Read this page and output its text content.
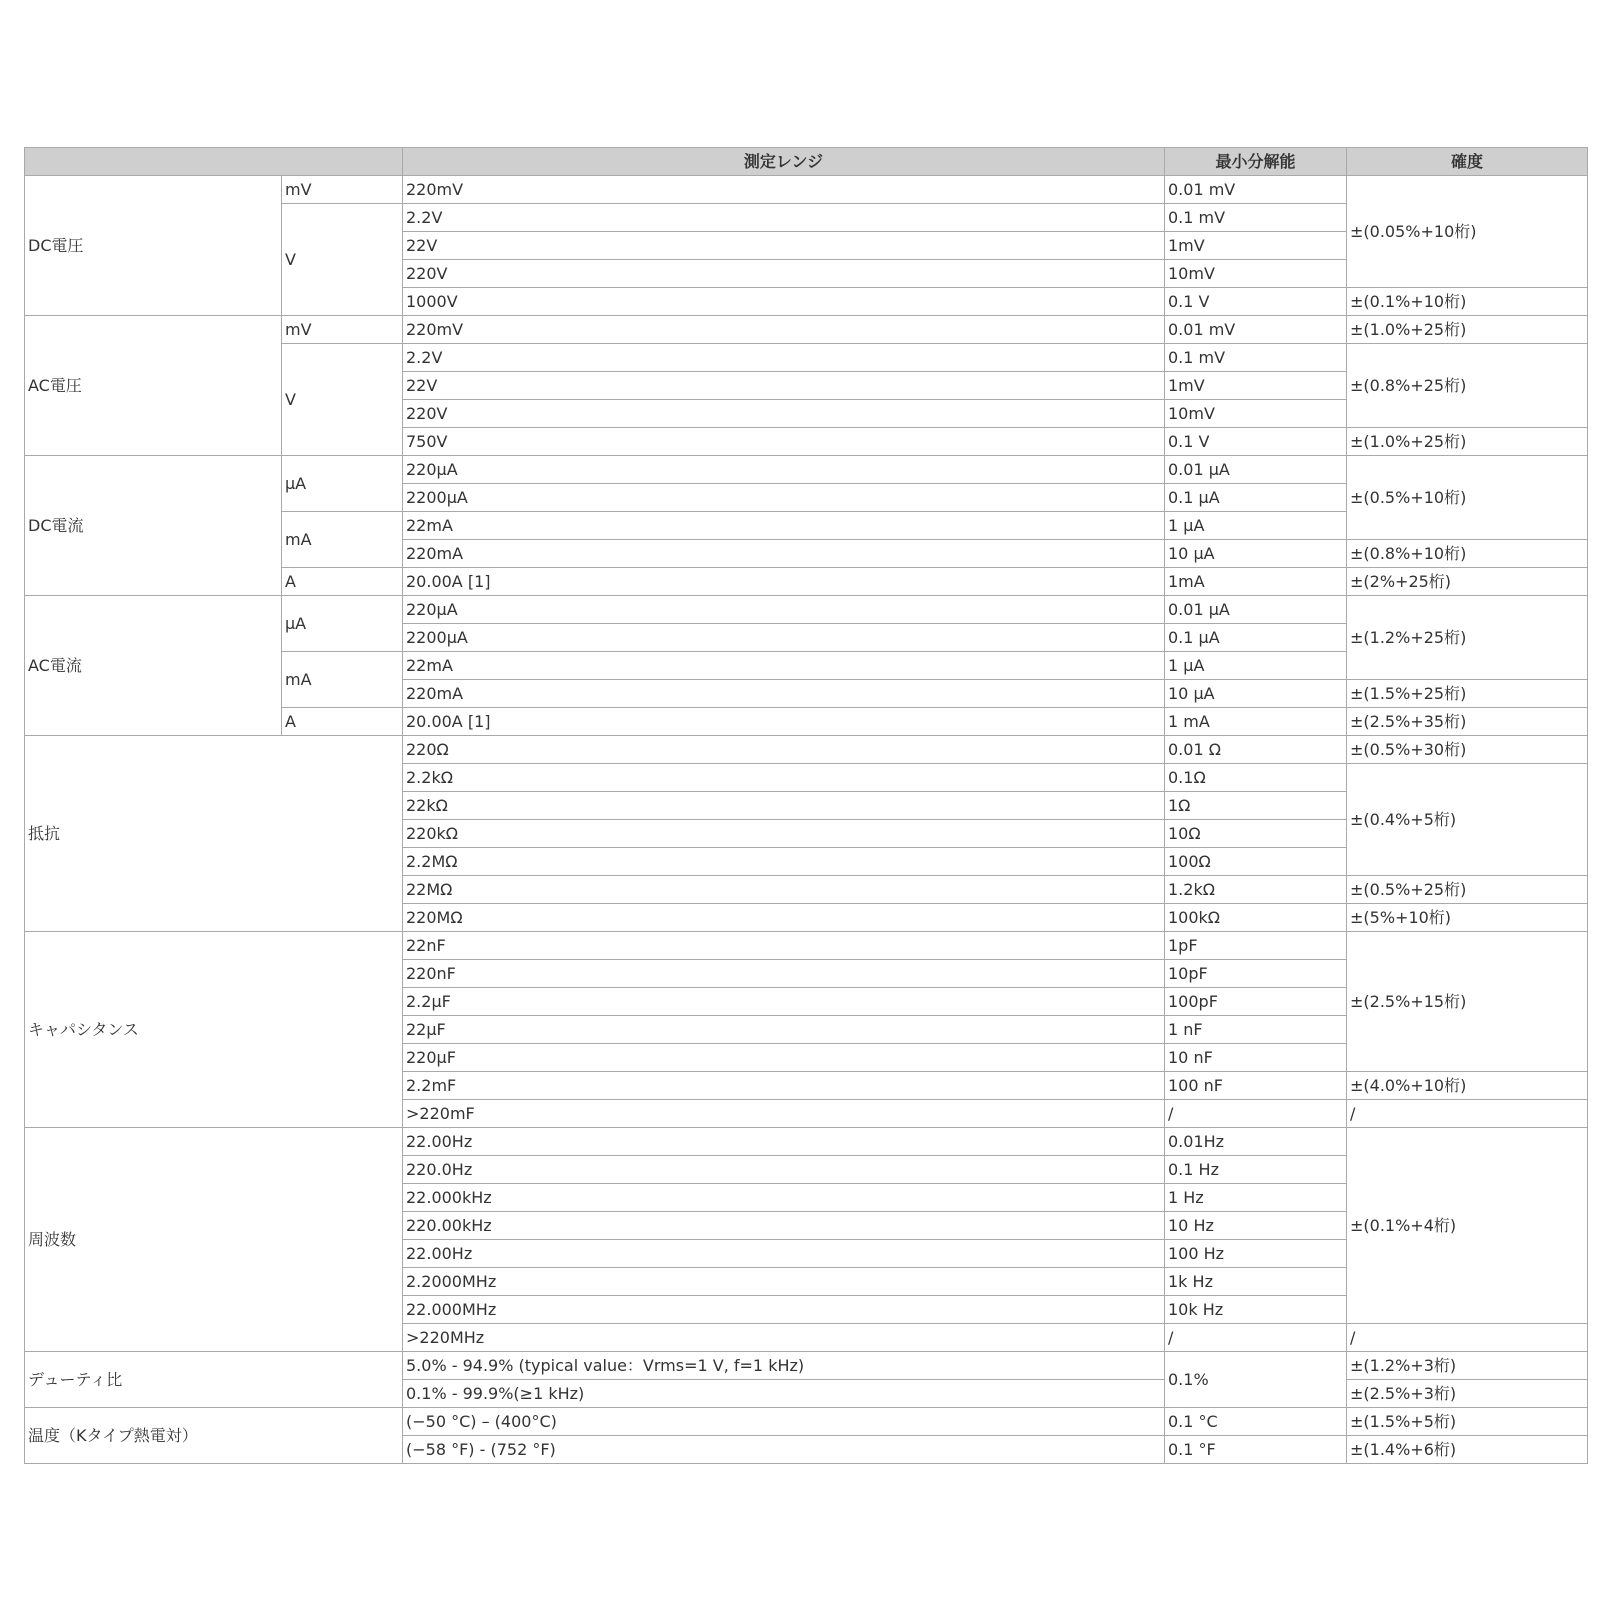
		測定レンジ	最小分解能	確度
DC電圧	mV	220mV	0.01 mV	±(0.05%+10桁)
	V	2.2V	0.1 mV	
		22V	1mV	
		220V	10mV	
		1000V	0.1 V	±(0.1%+10桁)
AC電圧	mV	220mV	0.01 mV	±(1.0%+25桁)
	V	2.2V	0.1 mV	±(0.8%+25桁)
		22V	1mV	
		220V	10mV	
		750V	0.1 V	±(1.0%+25桁)
DC電流	μA	220μA	0.01 μA	±(0.5%+10桁)
		2200μA	0.1 μA	
	mA	22mA	1 μA	
		220mA	10 μA	±(0.8%+10桁)
	A	20.00A [1]	1mA	±(2%+25桁)
AC電流	μA	220μA	0.01 μA	±(1.2%+25桁)
		2200μA	0.1 μA	
	mA	22mA	1 μA	
		220mA	10 μA	±(1.5%+25桁)
	A	20.00A [1]	1 mA	±(2.5%+35桁)
抵抗		220Ω	0.01 Ω	±(0.5%+30桁)
		2.2kΩ	0.1Ω	±(0.4%+5桁)
		22kΩ	1Ω	
		220kΩ	10Ω	
		2.2MΩ	100Ω	
		22MΩ	1.2kΩ	±(0.5%+25桁)
		220MΩ	100kΩ	±(5%+10桁)
キャパシタンス		22nF	1pF	±(2.5%+15桁)
		220nF	10pF	
		2.2μF	100pF	
		22μF	1 nF	
		220μF	10 nF	
		2.2mF	100 nF	±(4.0%+10桁)
		>220mF	/	/
周波数		22.00Hz	0.01Hz	±(0.1%+4桁)
		220.0Hz	0.1 Hz	
		22.000kHz	1 Hz	
		220.00kHz	10 Hz	
		22.00Hz	100 Hz	
		2.2000MHz	1k Hz	
		22.000MHz	10k Hz	
		>220MHz	/	/
デューティ比		5.0% - 94.9% (typical value：Vrms=1 V, f=1 kHz)	0.1%	±(1.2%+3桁)
		0.1% - 99.9%(≥1 kHz)		±(2.5%+3桁)
温度（Kタイプ熱電対）		(−50 °C) – (400°C)	0.1 °C	±(1.5%+5桁)
		(−58 °F) - (752 °F)	0.1 °F	±(1.4%+6桁)
